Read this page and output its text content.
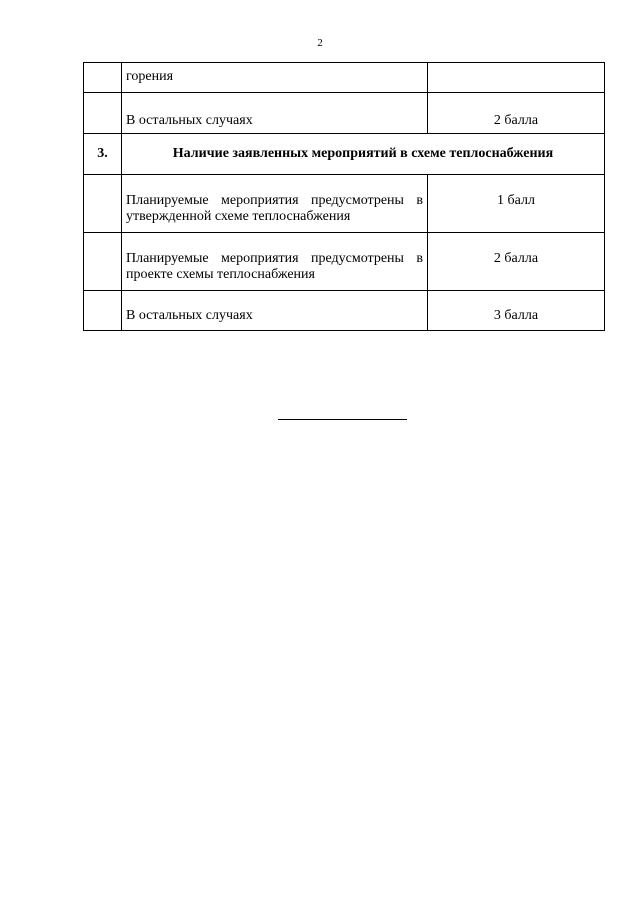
2

	горения	

	В остальных случаях	2 балла

3.	Наличие заявленных мероприятий в схеме теплоснабжения	

	Планируемые мероприятия предусмотрены в утвержденной схеме теплоснабжения	1 балл

	Планируемые мероприятия предусмотрены в проекте схемы теплоснабжения	2 балла

	В остальных случаях	3 балла
